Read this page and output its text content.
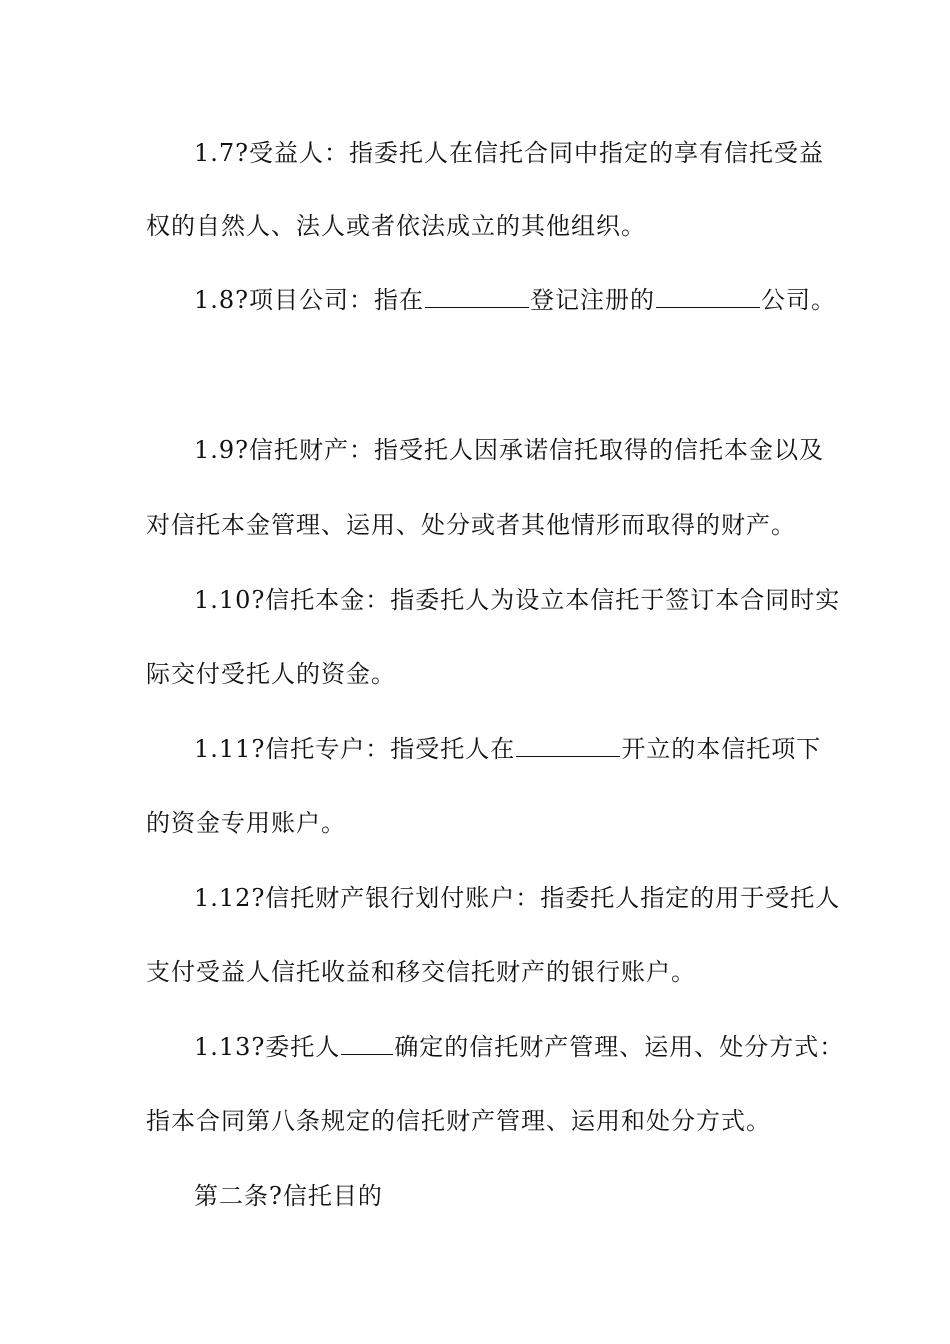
1.7?受益人：指委托人在信托合同中指定的享有信托受益
权的自然人、法人或者依法成立的其他组织。
1.8?项目公司：指在	登记注册的	公司。
1.9?信托财产：指受托人因承诺信托取得的信托本金以及
对信托本金管理、运用、处分或者其他情形而取得的财产。
1.10?信托本金：指委托人为设立本信托于签订本合同时实
际交付受托人的资金。
1.11?信托专户：指受托人在	开立的本信托项下
的资金专用账户。
1.12?信托财产银行划付账户：指委托人指定的用于受托人
支付受益人信托收益和移交信托财产的银行账户。
1.13?委托人 确定的信托财产管理、运用、处分方式：
指本合同第八条规定的信托财产管理、运用和处分方式。
第二条?信托目的
